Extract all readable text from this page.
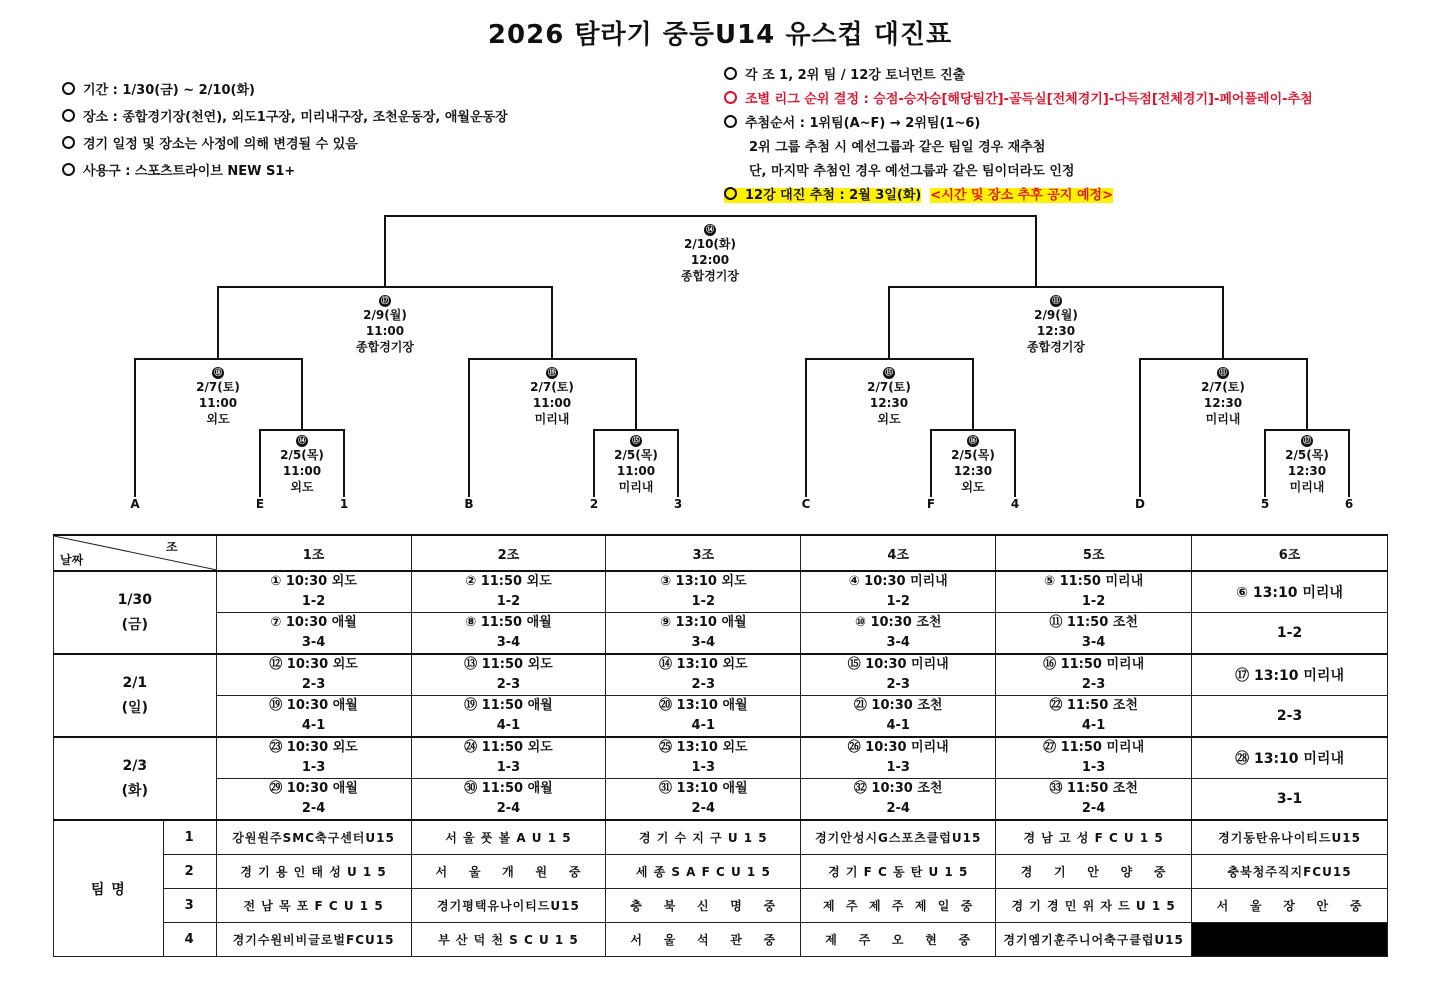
2026 탐라기 중등U14 유스컵 대진표
기간 : 1/30(금) ~ 2/10(화)
장소 : 종합경기장(천연), 외도1구장, 미리내구장, 조천운동장, 애월운동장
경기 일정 및 장소는 사정에 의해 변경될 수 있음
사용구 : 스포츠트라이브 NEW S1+
각 조 1, 2위 팀 / 12강 토너먼트 진출
조별 리그 순위 결정 : 승점-승자승[해당팀간]-골득실[전체경기]-다득점[전체경기]-페어플레이-추첨
추첨순서 : 1위팀(A~F) → 2위팀(1~6)
2위 그룹 추첨 시 예선그룹과 같은 팀일 경우 재추첨
단, 마지막 추첨인 경우 예선그룹과 같은 팀이더라도 인정
12강 대진 추첨 : 2월 3일(화) <시간 및 장소 추후 공지 예정>
⑭
2/10(화)
12:00
종합경기장
⑰
2/9(월)
11:00
종합경기장
⑪
2/9(월)
12:30
종합경기장
⑱
2/7(토)
11:00
외도
⑲
2/7(토)
11:00
미리내
⑮
2/7(토)
12:30
외도
⑪
2/7(토)
12:30
미리내
⑭
2/5(목)
11:00
외도
⑮
2/5(목)
11:00
미리내
⑯
2/5(목)
12:30
외도
⑰
2/5(목)
12:30
미리내
A	E	1	B	2	3	C	F	4	D	5	6
조
날짜		1조	2조	3조	4조	5조	6조

1/30
(금)		① 10:30 외도	② 11:50 외도	③ 13:10 외도	④ 10:30 미리내	⑤ 11:50 미리내	⑥ 13:10 미리내
		1-2	1-2	1-2	1-2	1-2	
		⑦ 10:30 애월	⑧ 11:50 애월	⑨ 13:10 애월	⑩ 10:30 조천	⑪ 11:50 조천	1-2
		3-4	3-4	3-4	3-4	3-4	

2/1
(일)		⑫ 10:30 외도	⑬ 11:50 외도	⑭ 13:10 외도	⑮ 10:30 미리내	⑯ 11:50 미리내	⑰ 13:10 미리내
		2-3	2-3	2-3	2-3	2-3	
		⑲ 10:30 애월	⑲ 11:50 애월	⑳ 13:10 애월	㉑ 10:30 조천	㉒ 11:50 조천	2-3
		4-1	4-1	4-1	4-1	4-1	

2/3
(화)		㉓ 10:30 외도	㉔ 11:50 외도	㉕ 13:10 외도	㉖ 10:30 미리내	㉗ 11:50 미리내	㉘ 13:10 미리내
		1-3	1-3	1-3	1-3	1-3	
		㉙ 10:30 애월	㉚ 11:50 애월	㉛ 13:10 애월	㉜ 10:30 조천	㉝ 11:50 조천	3-1
		2-4	2-4	2-4	2-4	2-4	
팀 명	1	강원원주SMC축구센터U15	서 울 풋 볼 A U 1 5	경 기 수 지 구 U 1 5	경기안성시G스포츠클럽U15	경 남 고 성 F C U 1 5	경기동탄유나이티드U15
	2	경 기 용 인 태 성 U 1 5	서    울    개    원    중	세 종 S A F C U 1 5	경 기 F C 동 탄 U 1 5	경    기    안    양    중	충북청주직지FCU15
	3	전 남 목 포 F C U 1 5	경기평택유나이티드U15	충    북    신    명    중	제  주  제  주  제  일  중	경 기 경 민 위 자 드 U 1 5	서    울    장    안    중
	4	경기수원비비글로벌FCU15	부 산 덕 천 S C U 1 5	서    울    석    관    중	제    주    오    현    중	경기엠기훈주니어축구클럽U15	
